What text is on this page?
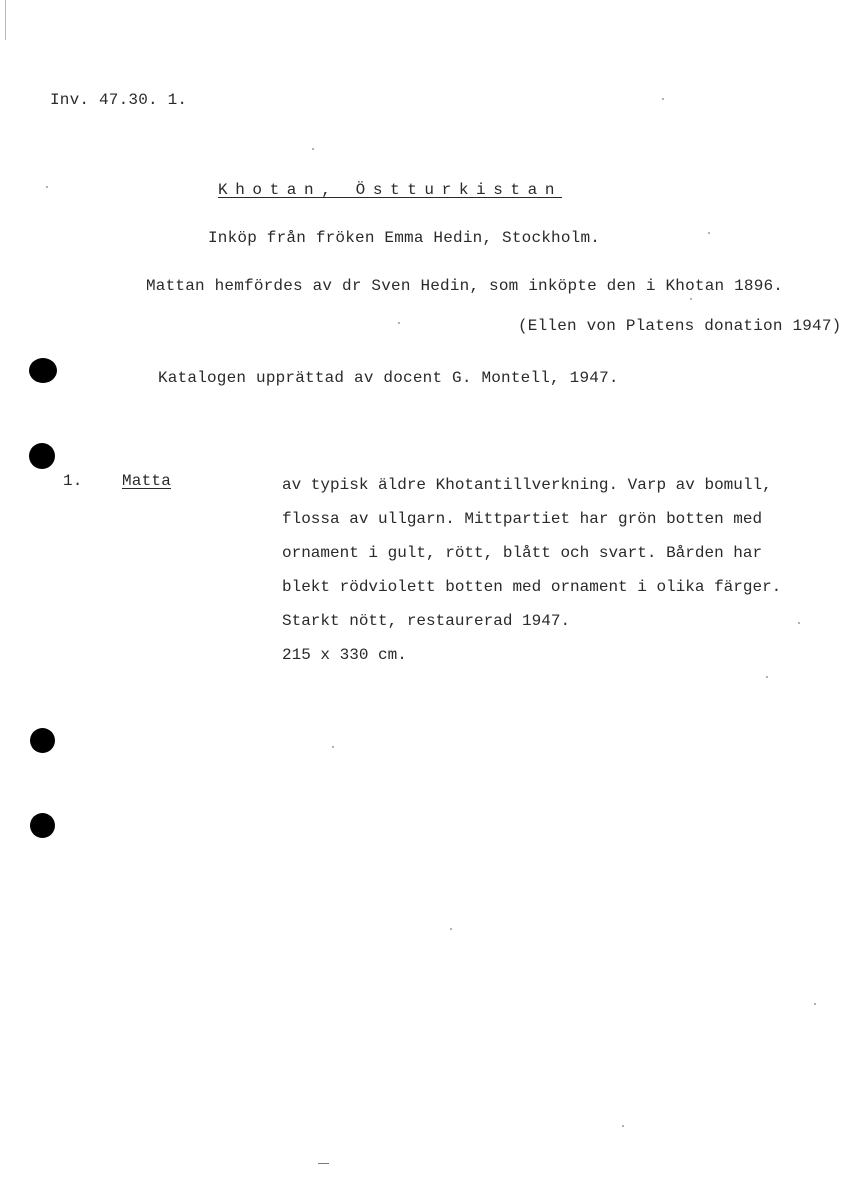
Inv. 47.30. 1.
Khotan, Östturkistan
Inköp från fröken Emma Hedin, Stockholm.
Mattan hemfördes av dr Sven Hedin, som inköpte den i Khotan 1896.
(Ellen von Platens donation 1947)
Katalogen upprättad av docent G. Montell, 1947.
1. Matta	av typisk äldre Khotantillverkning. Varp av bomull,
flossa av ullgarn. Mittpartiet har grön botten med
ornament i gult, rött, blått och svart. Bården har
blekt rödviolett botten med ornament i olika färger.
Starkt nött, restaurerad 1947.
215 x 330 cm.
